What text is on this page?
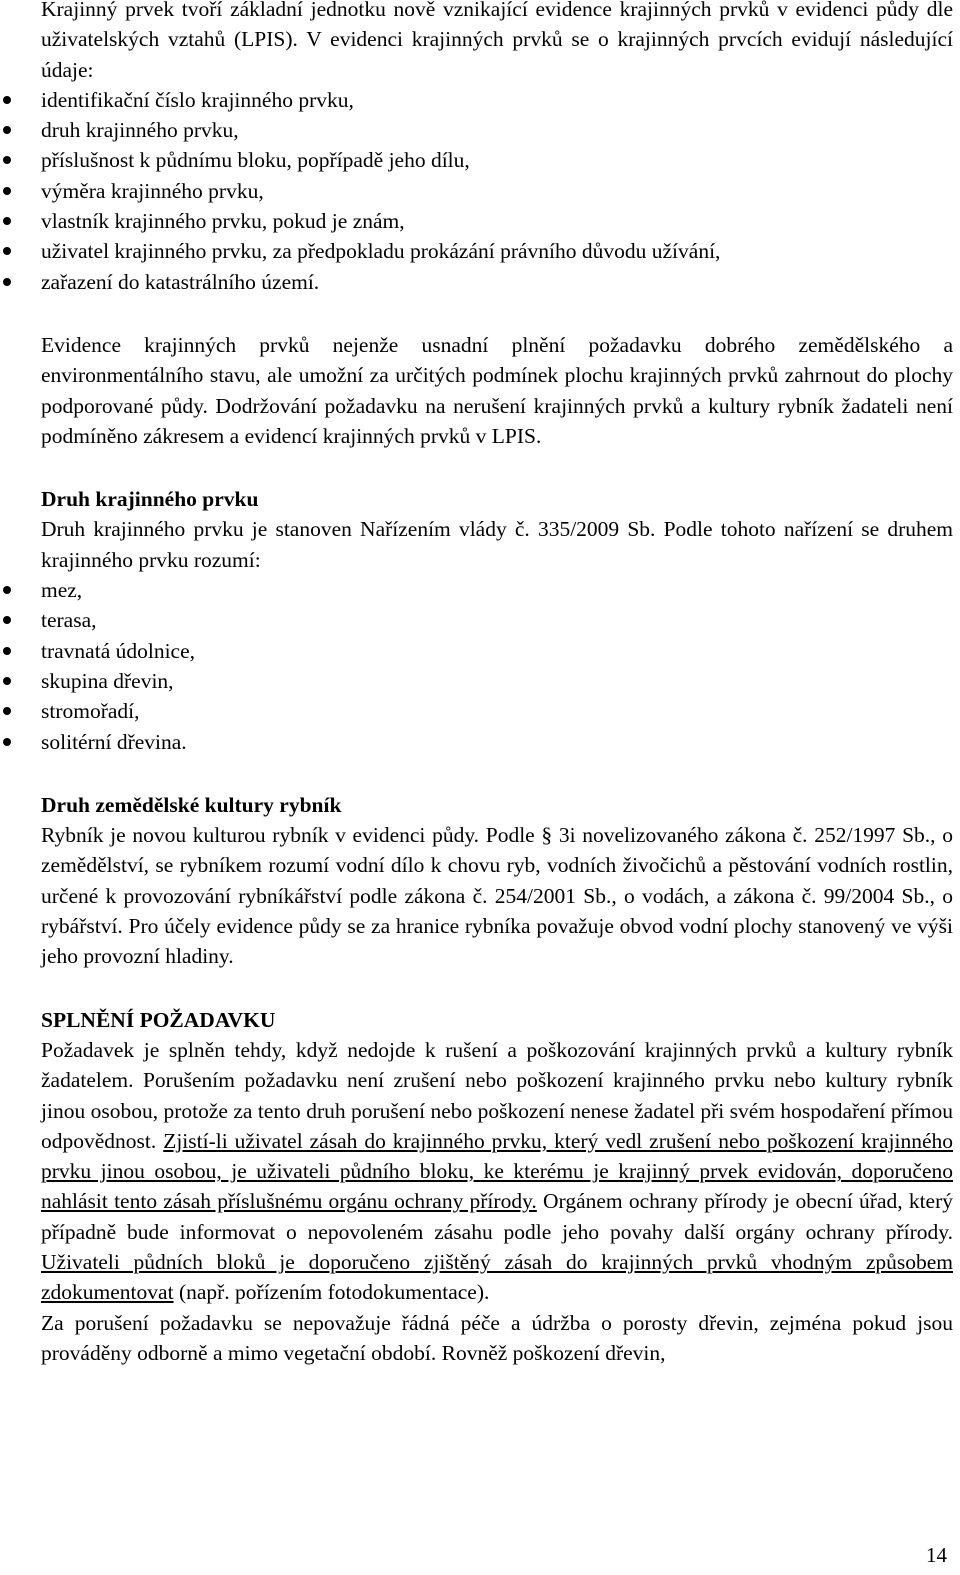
Krajinný prvek tvoří základní jednotku nově vznikající evidence krajinných prvků v evidenci půdy dle uživatelských vztahů (LPIS). V evidenci krajinných prvků se o krajinných prvcích evidují následující údaje:

identifikační číslo krajinného prvku,
druh krajinného prvku,
příslušnost k půdnímu bloku, popřípadě jeho dílu,
výměra krajinného prvku,
vlastník krajinného prvku, pokud je znám,
uživatel krajinného prvku, za předpokladu prokázání právního důvodu užívání,
zařazení do katastrálního území.

Evidence krajinných prvků nejenže usnadní plnění požadavku dobrého zemědělského a environmentálního stavu, ale umožní za určitých podmínek plochu krajinných prvků zahrnout do plochy podporované půdy. Dodržování požadavku na nerušení krajinných prvků a kultury rybník žadateli není podmíněno zákresem a evidencí krajinných prvků v LPIS.

Druh krajinného prvku

Druh krajinného prvku je stanoven Nařízením vlády č. 335/2009 Sb. Podle tohoto nařízení se druhem krajinného prvku rozumí:

mez,
terasa,
travnatá údolnice,
skupina dřevin,
stromořadí,
solitérní dřevina.
Druh zemědělské kultury rybník

Rybník je novou kulturou rybník v evidenci půdy. Podle § 3i novelizovaného zákona č. 252/1997 Sb., o zemědělství, se rybníkem rozumí vodní dílo k chovu ryb, vodních živočichů a pěstování vodních rostlin, určené k provozování rybníkářství podle zákona č. 254/2001 Sb., o vodách, a zákona č. 99/2004 Sb., o rybářství. Pro účely evidence půdy se za hranice rybníka považuje obvod vodní plochy stanovený ve výši jeho provozní hladiny.

SPLNĚNÍ POŽADAVKU

Požadavek je splněn tehdy, když nedojde k rušení a poškozování krajinných prvků a kultury rybník žadatelem. Porušením požadavku není zrušení nebo poškození krajinného prvku nebo kultury rybník jinou osobou, protože za tento druh porušení nebo poškození nenese žadatel při svém hospodaření přímou odpovědnost. Zjistí-li uživatel zásah do krajinného prvku, který vedl zrušení nebo poškození krajinného prvku jinou osobou, je uživateli půdního bloku, ke kterému je krajinný prvek evidován, doporučeno nahlásit tento zásah příslušnému orgánu ochrany přírody. Orgánem ochrany přírody je obecní úřad, který případně bude informovat o nepovoleném zásahu podle jeho povahy další orgány ochrany přírody. Uživateli půdních bloků je doporučeno zjištěný zásah do krajinných prvků vhodným způsobem zdokumentovat (např. pořízením fotodokumentace).

Za porušení požadavku se nepovažuje řádná péče a údržba o porosty dřevin, zejména pokud jsou prováděny odborně a mimo vegetační období. Rovněž poškození dřevin,

14
